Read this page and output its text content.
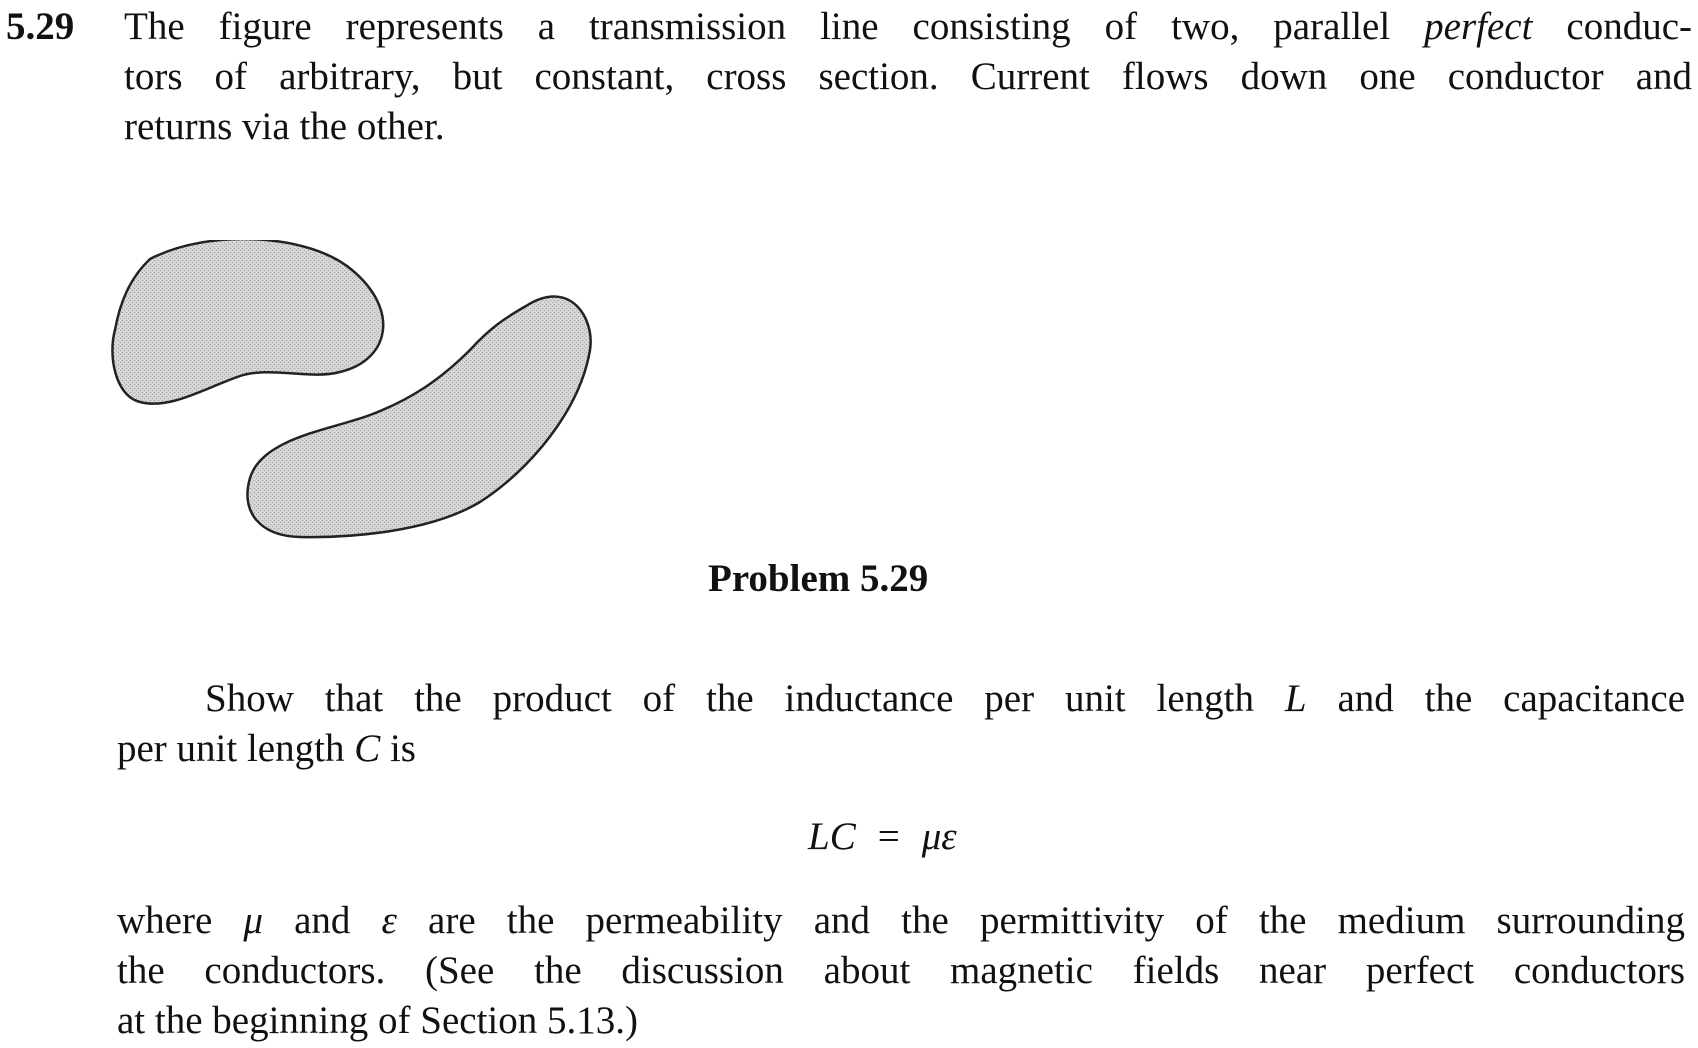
5.29 The figure represents a transmission line consisting of two, parallel perfect conduc-
tors of arbitrary, but constant, cross section. Current flows down one conductor and
returns via the other.
Problem 5.29
Show that the product of the inductance per unit length L and the capacitance
per unit length C is
LC = με
where μ and ε are the permeability and the permittivity of the medium surrounding
the conductors. (See the discussion about magnetic fields near perfect conductors
at the beginning of Section 5.13.)
